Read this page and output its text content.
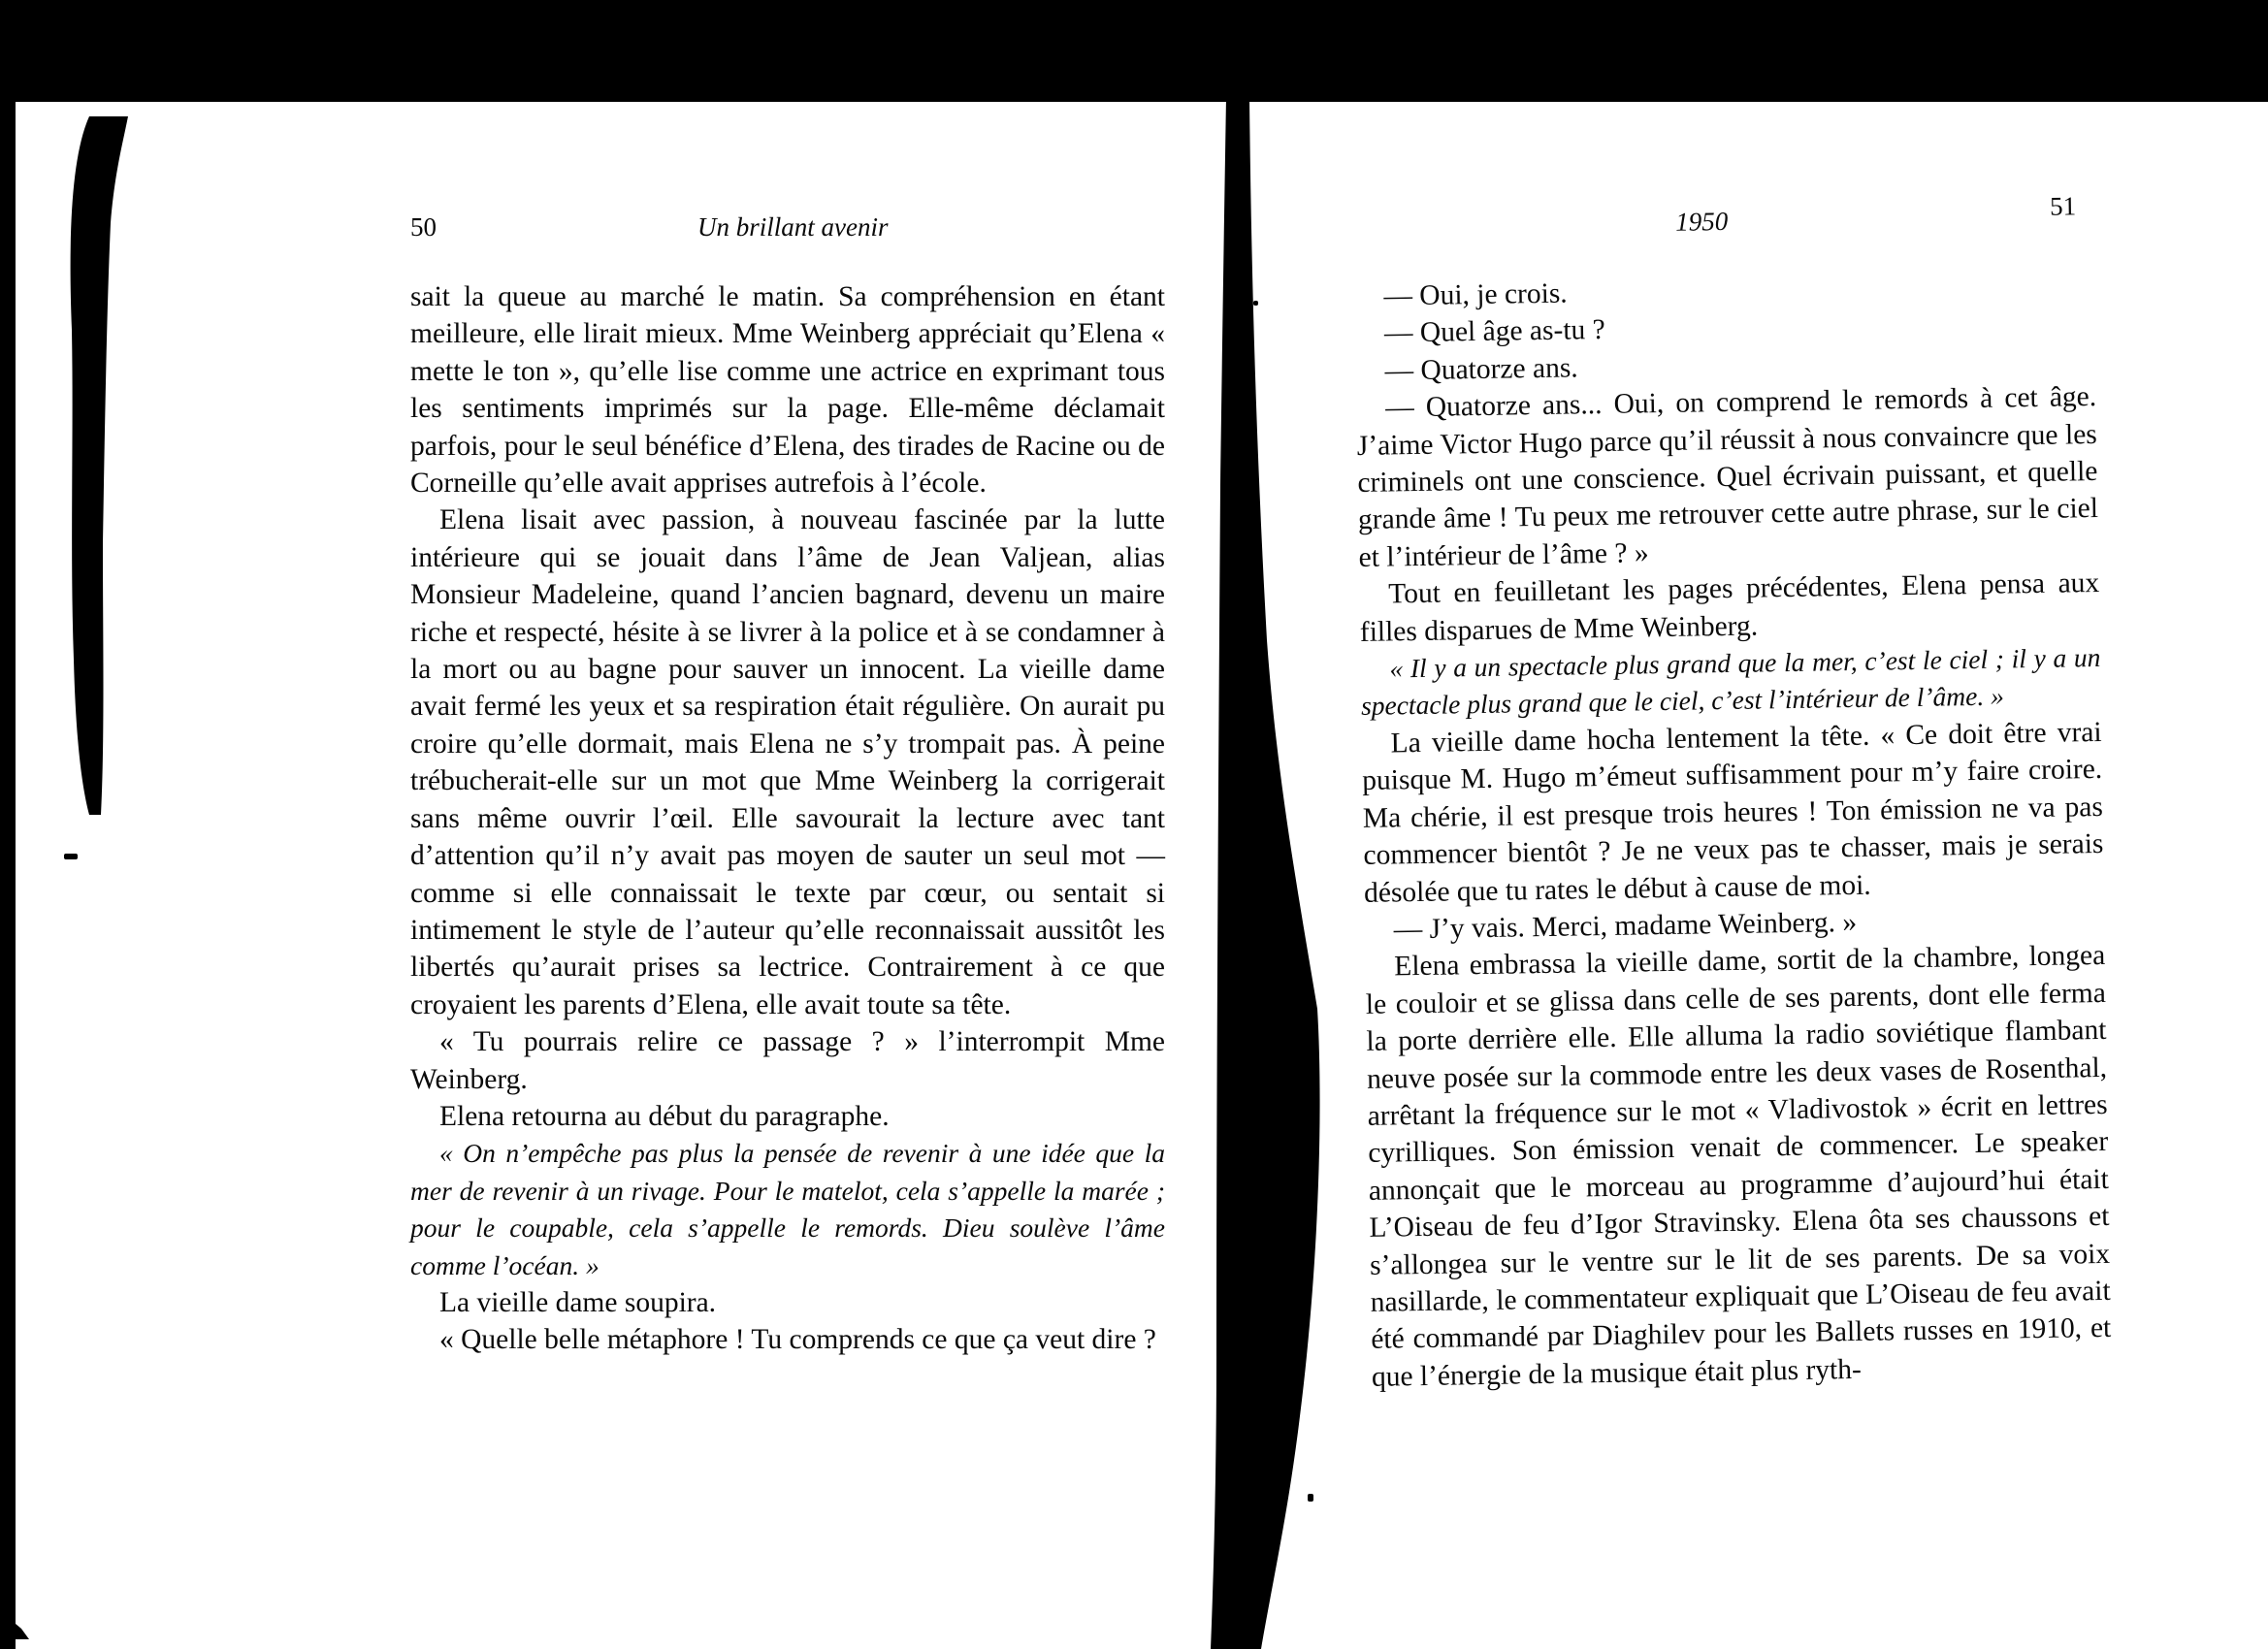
50	Un brillant avenir

sait la queue au marché le matin. Sa compréhension en étant meilleure, elle lirait mieux. Mme Weinberg appréciait qu’Elena « mette le ton », qu’elle lise comme une actrice en exprimant tous les sentiments imprimés sur la page. Elle-même déclamait parfois, pour le seul bénéfice d’Elena, des tirades de Racine ou de Corneille qu’elle avait apprises autrefois à l’école.

Elena lisait avec passion, à nouveau fascinée par la lutte intérieure qui se jouait dans l’âme de Jean Valjean, alias Monsieur Madeleine, quand l’ancien bagnard, devenu un maire riche et respecté, hésite à se livrer à la police et à se condamner à la mort ou au bagne pour sauver un innocent. La vieille dame avait fermé les yeux et sa respiration était régulière. On aurait pu croire qu’elle dormait, mais Elena ne s’y trompait pas. À peine trébucherait-elle sur un mot que Mme Weinberg la corrigerait sans même ouvrir l’œil. Elle savourait la lecture avec tant d’attention qu’il n’y avait pas moyen de sauter un seul mot — comme si elle connaissait le texte par cœur, ou sentait si intimement le style de l’auteur qu’elle reconnaissait aussitôt les libertés qu’aurait prises sa lectrice. Contrairement à ce que croyaient les parents d’Elena, elle avait toute sa tête.

« Tu pourrais relire ce passage ? » l’interrompit Mme Weinberg.

Elena retourna au début du paragraphe.

« On n’empêche pas plus la pensée de revenir à une idée que la mer de revenir à un rivage. Pour le matelot, cela s’appelle la marée ; pour le coupable, cela s’appelle le remords. Dieu soulève l’âme comme l’océan. »

La vieille dame soupira.

« Quelle belle métaphore ! Tu comprends ce que ça veut dire ?

1950
51

— Oui, je crois.

— Quel âge as-tu ?

— Quatorze ans.

— Quatorze ans... Oui, on comprend le remords à cet âge. J’aime Victor Hugo parce qu’il réussit à nous convaincre que les criminels ont une conscience. Quel écrivain puissant, et quelle grande âme ! Tu peux me retrouver cette autre phrase, sur le ciel et l’intérieur de l’âme ? »

Tout en feuilletant les pages précédentes, Elena pensa aux filles disparues de Mme Weinberg.

« Il y a un spectacle plus grand que la mer, c’est le ciel ; il y a un spectacle plus grand que le ciel, c’est l’intérieur de l’âme. »

La vieille dame hocha lentement la tête. « Ce doit être vrai puisque M. Hugo m’émeut suffisamment pour m’y faire croire. Ma chérie, il est presque trois heures ! Ton émission ne va pas commencer bientôt ? Je ne veux pas te chasser, mais je serais désolée que tu rates le début à cause de moi.

— J’y vais. Merci, madame Weinberg. »

Elena embrassa la vieille dame, sortit de la chambre, longea le couloir et se glissa dans celle de ses parents, dont elle ferma la porte derrière elle. Elle alluma la radio soviétique flambant neuve posée sur la commode entre les deux vases de Rosenthal, arrêtant la fréquence sur le mot « Vladivostok » écrit en lettres cyrilliques. Son émission venait de commencer. Le speaker annonçait que le morceau au programme d’aujourd’hui était L’Oiseau de feu d’Igor Stravinsky. Elena ôta ses chaussons et s’allongea sur le ventre sur le lit de ses parents. De sa voix nasillarde, le commentateur expliquait que L’Oiseau de feu avait été commandé par Diaghilev pour les Ballets russes en 1910, et que l’énergie de la musique était plus ryth-
